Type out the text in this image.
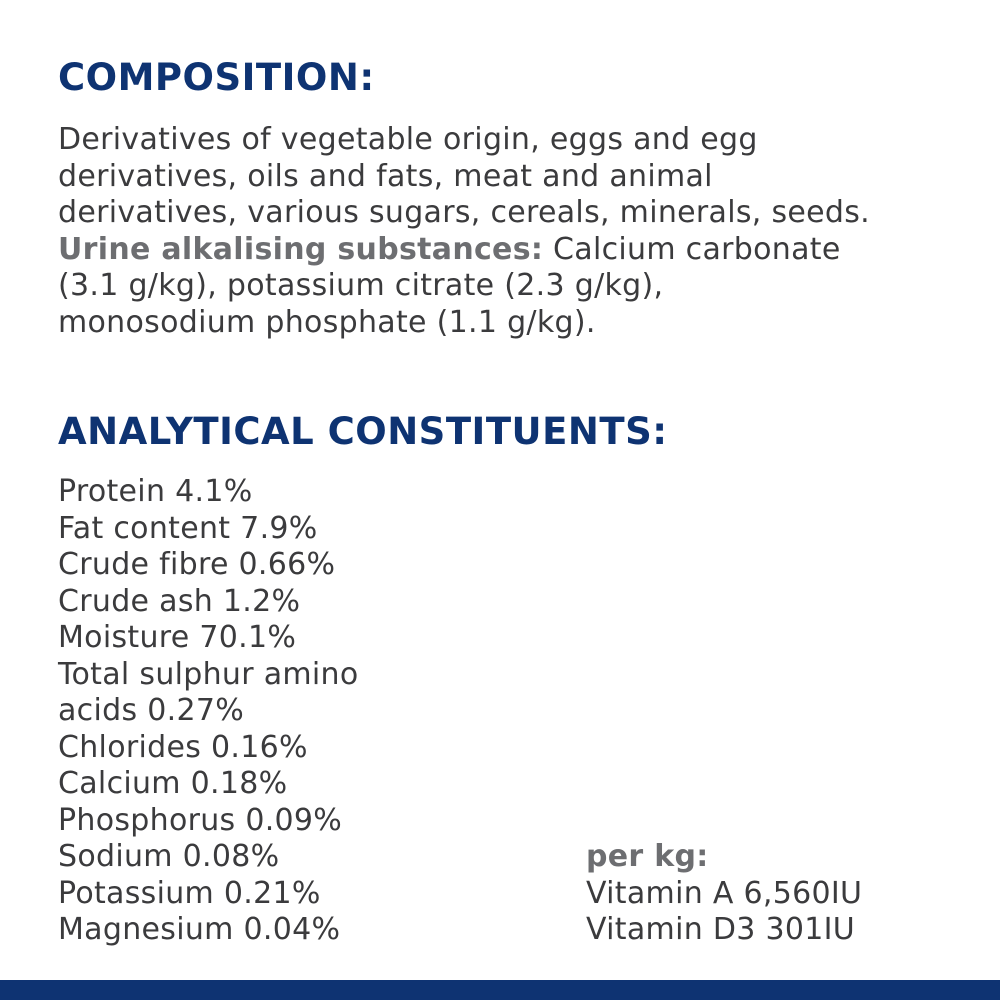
COMPOSITION:
Derivatives of vegetable origin, eggs and egg
derivatives, oils and fats, meat and animal
derivatives, various sugars, cereals, minerals, seeds.
Urine alkalising substances: Calcium carbonate
(3.1 g/kg), potassium citrate (2.3 g/kg),
monosodium phosphate (1.1 g/kg).
ANALYTICAL CONSTITUENTS:
Protein 4.1%
Fat content 7.9%
Crude fibre 0.66%
Crude ash 1.2%
Moisture 70.1%
Total sulphur amino
acids 0.27%
Chlorides 0.16%
Calcium 0.18%
Phosphorus 0.09%
Sodium 0.08%
Potassium 0.21%
Magnesium 0.04%
per kg:
Vitamin A 6,560IU
Vitamin D3 301IU
